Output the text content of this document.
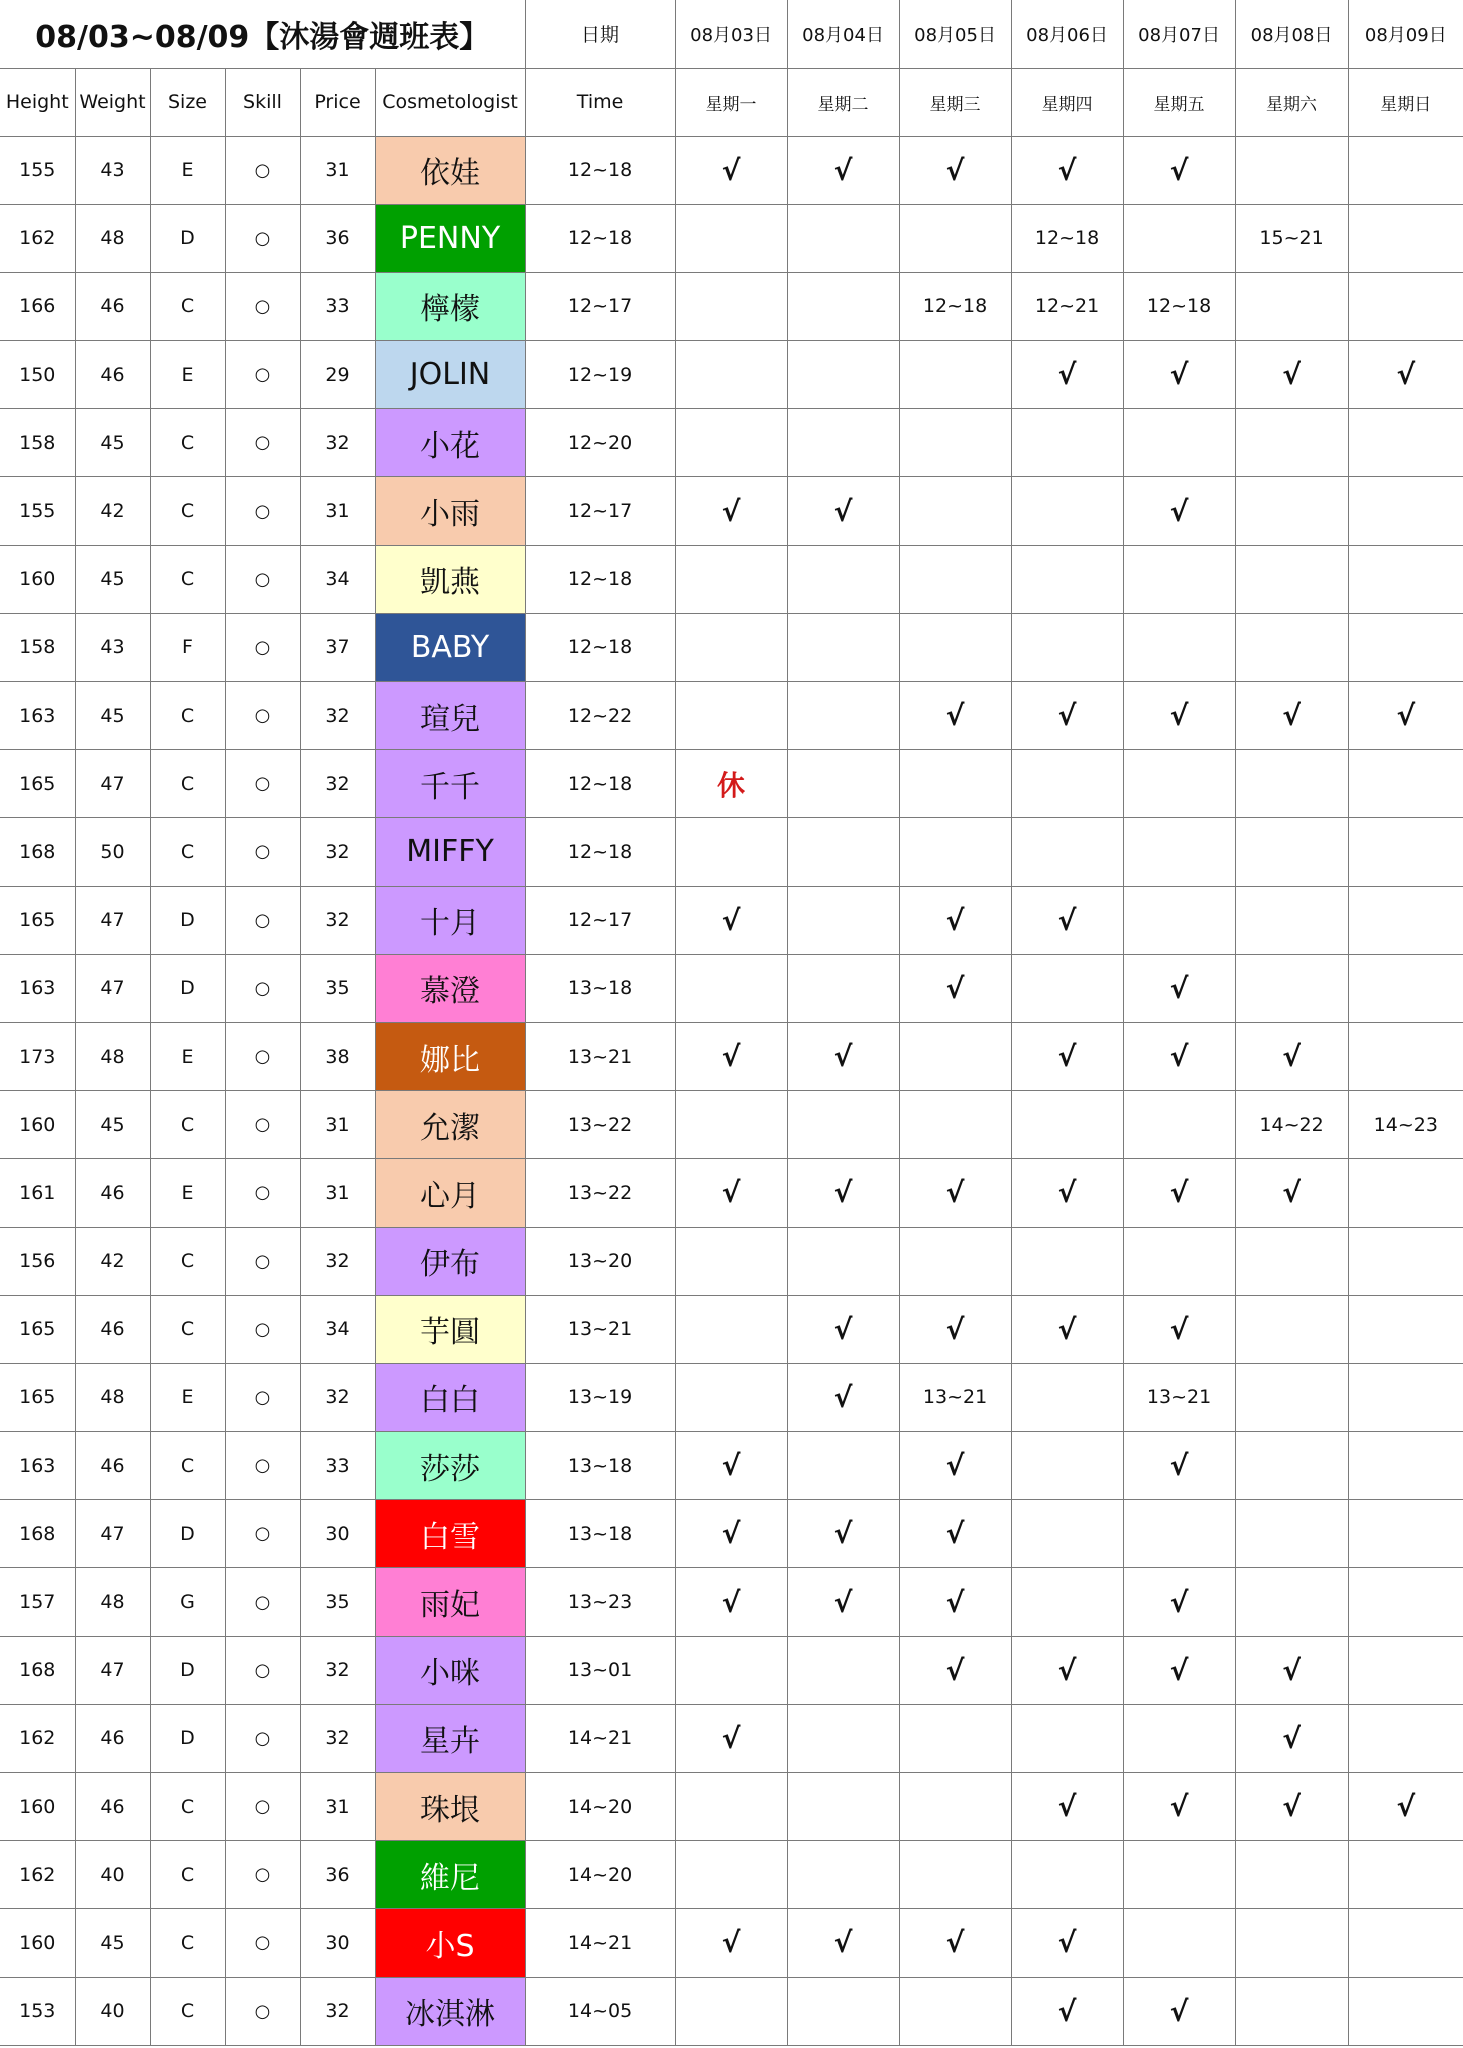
08/03~08/09【沐湯會週班表】						日期	08月03日	08月04日	08月05日	08月06日	08月07日	08月08日	08月09日
Height	Weight	Size	Skill	Price	Cosmetologist	Time	星期一	星期二	星期三	星期四	星期五	星期六	星期日
155	43	E	○	31	依娃	12~18	√	√	√	√	√		
162	48	D	○	36	PENNY	12~18				12~18		15~21	
166	46	C	○	33	檸檬	12~17			12~18	12~21	12~18		
150	46	E	○	29	JOLIN	12~19				√	√	√	√
158	45	C	○	32	小花	12~20							
155	42	C	○	31	小雨	12~17	√	√			√		
160	45	C	○	34	凱燕	12~18							
158	43	F	○	37	BABY	12~18							
163	45	C	○	32	瑄兒	12~22			√	√	√	√	√
165	47	C	○	32	千千	12~18	休						
168	50	C	○	32	MIFFY	12~18							
165	47	D	○	32	十月	12~17	√		√	√			
163	47	D	○	35	慕澄	13~18			√		√		
173	48	E	○	38	娜比	13~21	√	√		√	√	√	
160	45	C	○	31	允潔	13~22						14~22	14~23
161	46	E	○	31	心月	13~22	√	√	√	√	√	√	
156	42	C	○	32	伊布	13~20							
165	46	C	○	34	芋圓	13~21		√	√	√	√		
165	48	E	○	32	白白	13~19		√	13~21		13~21		
163	46	C	○	33	莎莎	13~18	√		√		√		
168	47	D	○	30	白雪	13~18	√	√	√				
157	48	G	○	35	雨妃	13~23	√	√	√		√		
168	47	D	○	32	小咪	13~01			√	√	√	√	
162	46	D	○	32	星卉	14~21	√					√	
160	46	C	○	31	珠垠	14~20				√	√	√	√
162	40	C	○	36	維尼	14~20							
160	45	C	○	30	小S	14~21	√	√	√	√			
153	40	C	○	32	冰淇淋	14~05				√	√		
